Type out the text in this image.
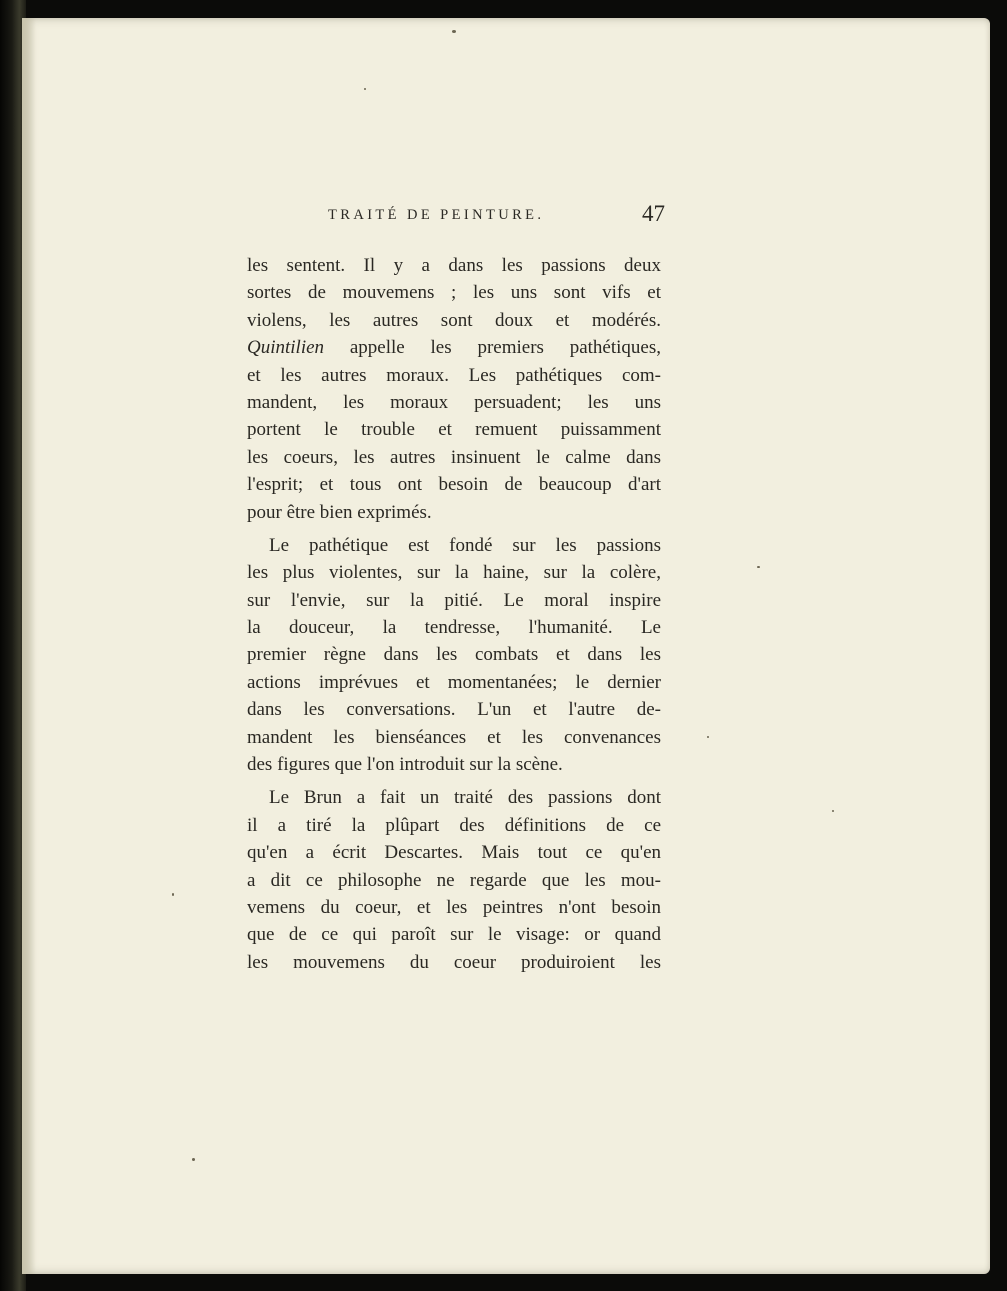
TRAITÉ DE PEINTURE.	47
les sentent. Il y a dans les passions deux
sortes de mouvemens ; les uns sont vifs et
violens, les autres sont doux et modérés.
Quintilien appelle les premiers pathétiques,
et les autres moraux. Les pathétiques com-
mandent, les moraux persuadent; les uns
portent le trouble et remuent puissamment
les coeurs, les autres insinuent le calme dans
l'esprit; et tous ont besoin de beaucoup d'art
pour être bien exprimés.
Le pathétique est fondé sur les passions
les plus violentes, sur la haine, sur la colère,
sur l'envie, sur la pitié. Le moral inspire
la douceur, la tendresse, l'humanité. Le
premier règne dans les combats et dans les
actions imprévues et momentanées; le dernier
dans les conversations. L'un et l'autre de-
mandent les bienséances et les convenances
des figures que l'on introduit sur la scène.
Le Brun a fait un traité des passions dont
il a tiré la plûpart des définitions de ce
qu'en a écrit Descartes. Mais tout ce qu'en
a dit ce philosophe ne regarde que les mou-
vemens du coeur, et les peintres n'ont besoin
que de ce qui paroît sur le visage: or quand
les mouvemens du coeur produiroient les
